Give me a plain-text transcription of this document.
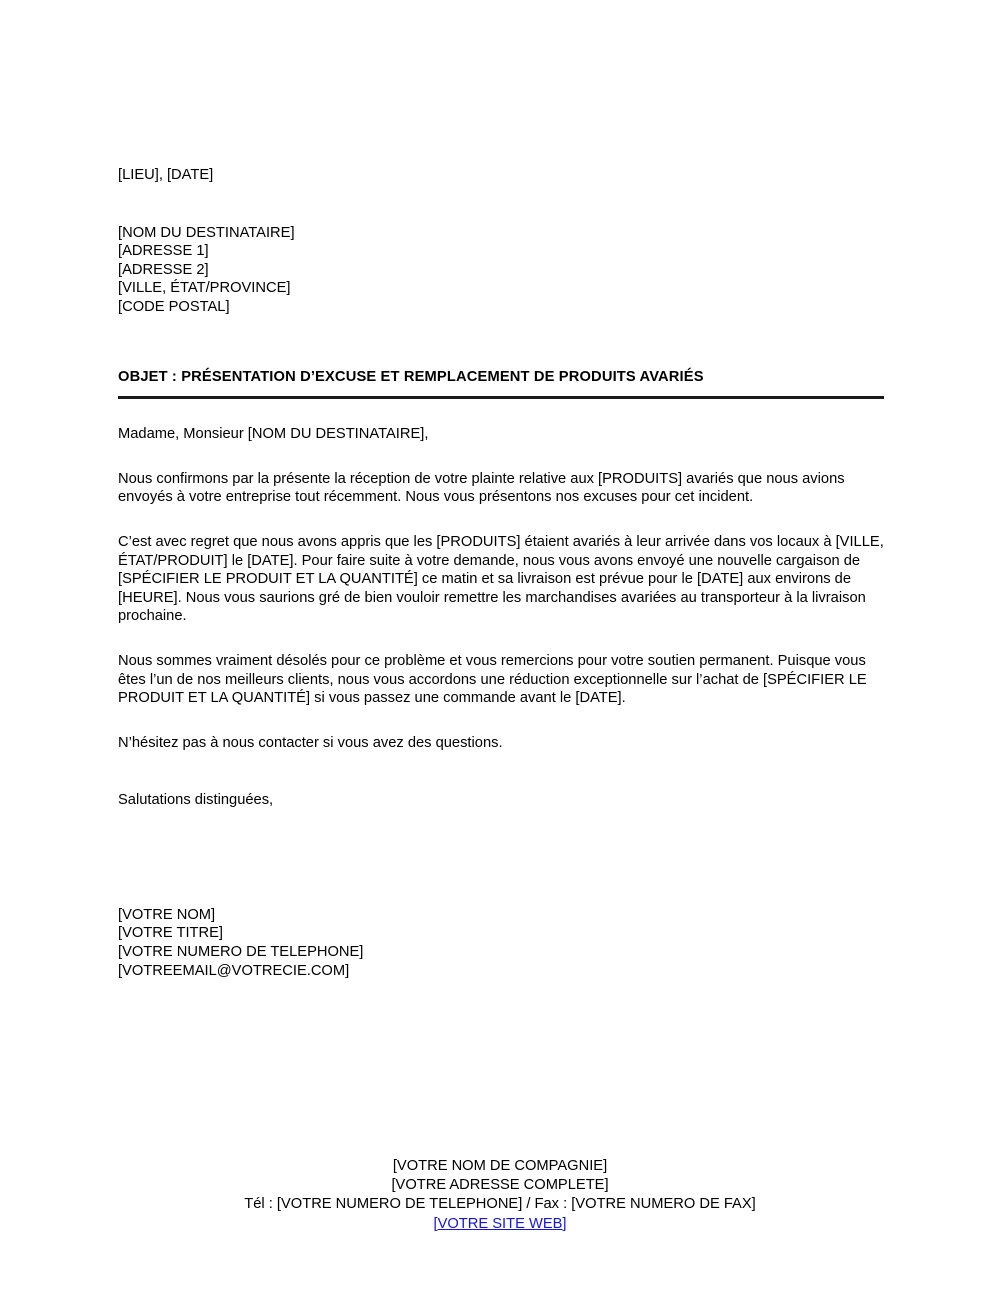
[LIEU], [DATE]
[NOM DU DESTINATAIRE]
[ADRESSE 1]
[ADRESSE 2]
[VILLE, ÉTAT/PROVINCE]
[CODE POSTAL]
OBJET : PRÉSENTATION D’EXCUSE ET REMPLACEMENT DE PRODUITS AVARIÉS
Madame, Monsieur [NOM DU DESTINATAIRE],
Nous confirmons par la présente la réception de votre plainte relative aux [PRODUITS] avariés que nous avions envoyés à votre entreprise tout récemment. Nous vous présentons nos excuses pour cet incident.
C’est avec regret que nous avons appris que les [PRODUITS] étaient avariés à leur arrivée dans vos locaux à [VILLE, ÉTAT/PRODUIT] le [DATE]. Pour faire suite à votre demande, nous vous avons envoyé une nouvelle cargaison de [SPÉCIFIER LE PRODUIT ET LA QUANTITÉ] ce matin et sa livraison est prévue pour le [DATE] aux environs de [HEURE]. Nous vous saurions gré de bien vouloir remettre les marchandises avariées au transporteur à la livraison prochaine.
Nous sommes vraiment désolés pour ce problème et vous remercions pour votre soutien permanent. Puisque vous êtes l’un de nos meilleurs clients, nous vous accordons une réduction exceptionnelle sur l’achat de [SPÉCIFIER LE PRODUIT ET LA QUANTITÉ] si vous passez une commande avant le [DATE].
N’hésitez pas à nous contacter si vous avez des questions.
Salutations distinguées,
[VOTRE NOM]
[VOTRE TITRE]
[VOTRE NUMERO DE TELEPHONE]
[VOTREEMAIL@VOTRECIE.COM]
[VOTRE NOM DE COMPAGNIE]
[VOTRE ADRESSE COMPLETE]
Tél : [VOTRE NUMERO DE TELEPHONE] / Fax : [VOTRE NUMERO DE FAX]
[VOTRE SITE WEB]
